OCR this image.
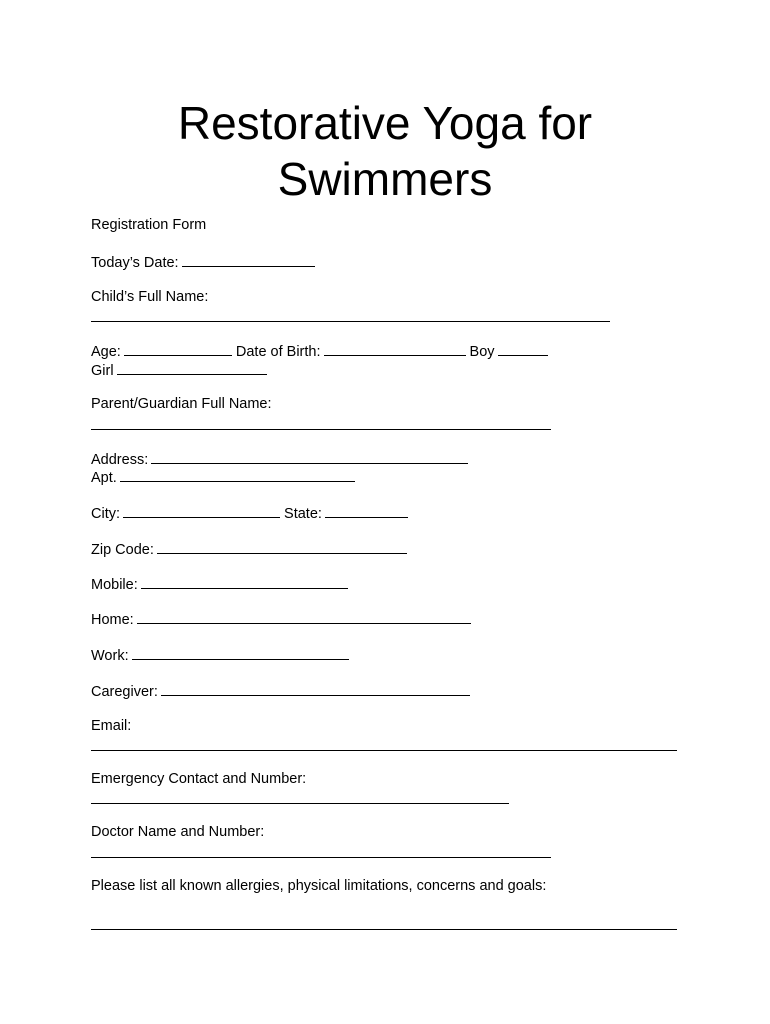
Restorative Yoga for
Swimmers
Registration Form
Today’s Date:
Child’s Full Name:
Age:	Date of Birth:	Boy
Girl
Parent/Guardian Full Name:
Address:
Apt.
City:	State:
Zip Code:
Mobile:
Home:
Work:
Caregiver:
Email:
Emergency Contact and Number:
Doctor Name and Number:
Please list all known allergies, physical limitations, concerns and goals:
